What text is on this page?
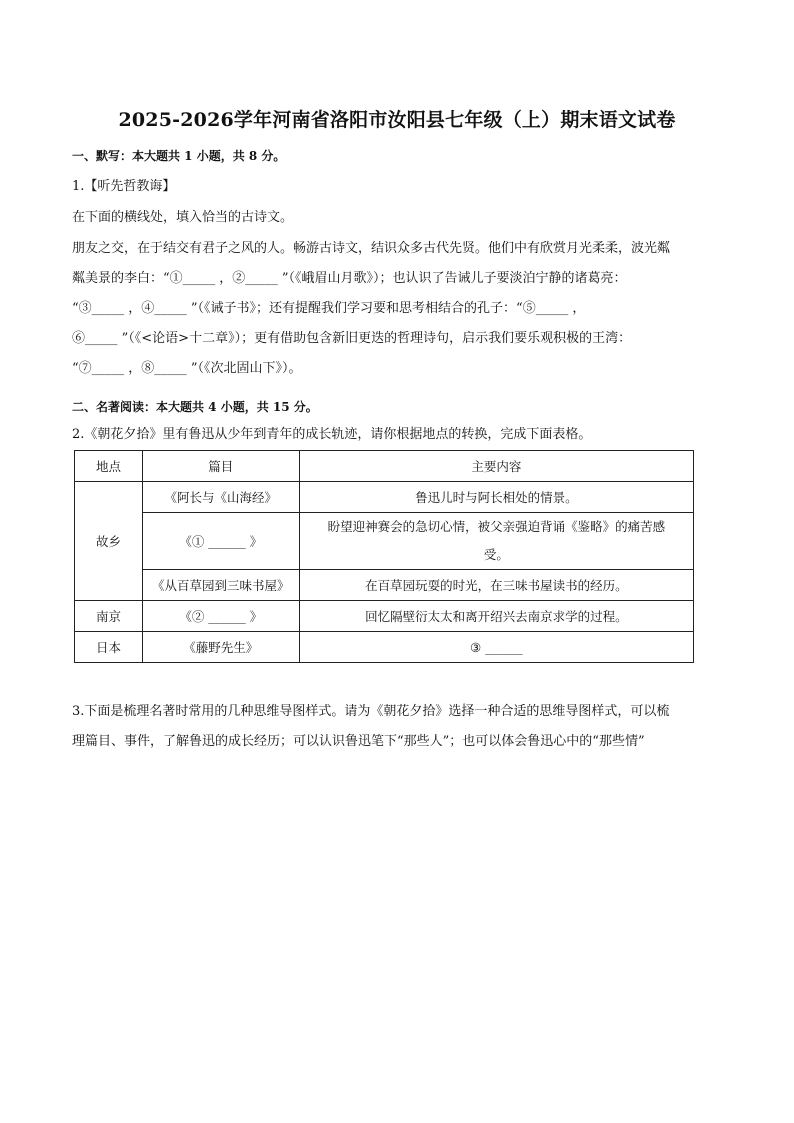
2025-2026学年河南省洛阳市汝阳县七年级（上）期末语文试卷
一、默写：本大题共 1 小题，共 8 分。
1.【听先哲教诲】
在下面的横线处，填入恰当的古诗文。
朋友之交，在于结交有君子之风的人。畅游古诗文，结识众多古代先贤。他们中有欣赏月光柔柔，波光粼
粼美景的李白：“①_____ ，②_____ ”（《峨眉山月歌》）；也认识了告诫儿子要淡泊宁静的诸葛亮：
“③_____ ，④_____ ”（《诫子书》；还有提醒我们学习要和思考相结合的孔子：“⑤_____ ，
⑥_____ ”（《<论语>十二章》）；更有借助包含新旧更迭的哲理诗句，启示我们要乐观积极的王湾：
“⑦_____ ，⑧_____ ”（《次北固山下》）。
二、名著阅读：本大题共 4 小题，共 15 分。
2.《朝花夕拾》里有鲁迅从少年到青年的成长轨迹，请你根据地点的转换，完成下面表格。
地点	篇目	主要内容
故乡	《阿长与《山海经》	鲁迅儿时与阿长相处的情景。
	《① ______ 》	盼望迎神赛会的急切心情，被父亲强迫背诵《鉴略》的痛苦感
受。

	《从百草园到三味书屋》	在百草园玩耍的时光，在三味书屋读书的经历。
南京	《② ______ 》	回忆隔壁衍太太和离开绍兴去南京求学的过程。
日本	《藤野先生》	③ ______
3.下面是梳理名著时常用的几种思维导图样式。请为《朝花夕拾》选择一种合适的思维导图样式，可以梳
理篇目、事件，了解鲁迅的成长经历；可以认识鲁迅笔下“那些人”；也可以体会鲁迅心中的“那些情”
